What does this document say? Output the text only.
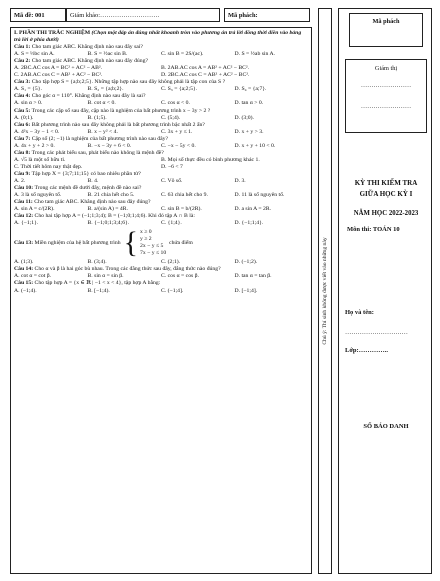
Mã đề: 001	Giám khảo:……………………….	Mã phách:
I. PHẦN THI TRẮC NGHIỆM (Chọn một đáp án đúng nhất khoanh tròn vào phương án trả lời đồng thời điền vào bảng trả lời ở phía dưới)
Câu 1: Cho tam giác ABC. Khẳng định nào sau đây sai?
A. S = ½bc sin A.	B. S = ½ac sin B.	C. sin B = 2S/(ac).	D. S = ½ab sin A.
Câu 2: Cho tam giác ABC. Khẳng định nào sau đây đúng?
A. 2BC.AC cos A = BC² + AC² − AB².	B. 2AB.AC cos A = AB² + AC² − BC².
C. 2AB.AC cos C = AB² + AC² − BC².	D. 2BC.AC cos C = AB² + AC² − BC².
Câu 3: Cho tập hợp S = {a;b;2;5}. Những tập hợp nào sau đây không phải là tập con của S ?
A. S₁ = {5}.	B. S₂ = {a;b;2}.	C. S₃ = {a;2;5}.	D. S₄ = {a;7}.
Câu 4: Cho góc α = 110°. Khẳng định nào sau đây là sai?
A. sin α > 0.	B. cot α < 0.	C. cos α < 0.	D. tan α > 0.
Câu 5: Trong các cặp số sau đây, cặp nào là nghiệm của bất phương trình x − 3y > 2 ?
A. (0;1).	B. (1;5).	C. (5;4).	D. (3;0).
Câu 6: Bất phương trình nào sau đây không phải là bất phương trình bậc nhất 2 ẩn?
A. 4²x − 3y − 1 < 0.	B. x − y² < 4.	C. 3x + y ≤ 1.	D. x + y > 3.
Câu 7: Cặp số (2; −1) là nghiệm của bất phương trình nào sau đây?
A. 4x + y + 2 > 0.	B. −x − 3y + 6 < 0.	C. −x − 5y < 0.	D. x + y + 10 < 0.
Câu 8: Trong các phát biểu sau, phát biểu nào không là mệnh đề?
A. √5 là một số hữu tỉ.	B. Mọi số thực đều có bình phương khác 1.
C. Thời tiết hôm nay thật đẹp.	D. −6 < 7
Câu 9: Tập hợp X = {3;7;11;15} có bao nhiêu phần tử?
A. 2.	B. 4.	C. Vô số.	D. 3.
Câu 10: Trong các mệnh đề dưới đây, mệnh đề nào sai?
A. 3 là số nguyên tố.	B. 21 chia hết cho 5.	C. 63 chia hết cho 9.	D. 11 là số nguyên tố.
Câu 11: Cho tam giác ABC. Khẳng định nào sau đây đúng?
A. sin A = c/(2R).	B. a/(sin A) = 4R.	C. sin B = b/(2R).	D. a sin A = 2R.
Câu 12: Cho hai tập hợp A = (−1;1;3;4); B = (−1;0;1;4;6). Khi đó tập A ∩ B là:
A. {−1;1}.	B. {−1;0;1;3;4;6}.	C. {1;4}.	D. {−1;1;4}.
Câu 13:
Miền nghiệm của hệ bất phương trình { x ≥ 0
y ≥ 2
2x − y ≤ 5
7x − y ≤ 10

chứa điểm
A. (1;3).	B. (3;4).	C. (2;1).	D. (−1;2).
Câu 14: Cho α và β là hai góc bù nhau. Trong các đẳng thức sau đây, đẳng thức nào đúng?
A. cot α = cot β.	B. sin α = sin β.	C. cos α = cos β.	D. tan α = tan β.
Câu 15: Cho tập hợp A = {x ∈ ℝ | −1 < x < 4}, tập hợp A bằng:
A. (−1;4).	B. [−1;4).	C. (−1;4].	D. [−1;4].	Chú ý: Thí sinh không được viết vào những này
Mã phách
Giám thị
……………………
……………………
KỲ THI KIỂM TRA
GIỮA HỌC KỲ I
NĂM HỌC 2022-2023
Môn thi: TOÁN 10
Họ và tên:
…………………………
Lớp:…………..
SỐ BÁO DANH
